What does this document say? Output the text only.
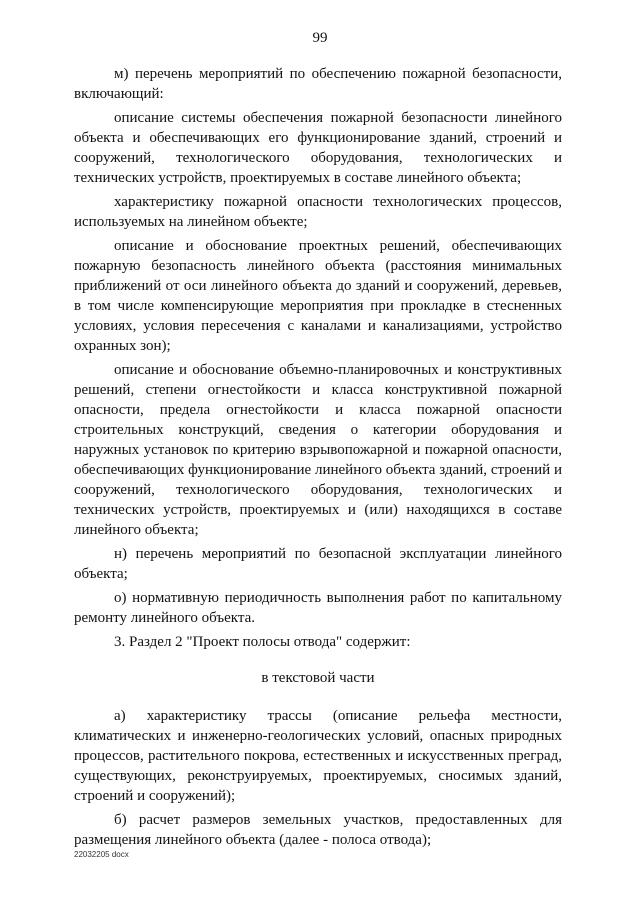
99

м) перечень мероприятий по обеспечению пожарной безопасности, включающий:

описание системы обеспечения пожарной безопасности линейного объекта и обеспечивающих его функционирование зданий, строений и сооружений, технологического оборудования, технологических и технических устройств, проектируемых в составе линейного объекта;

характеристику пожарной опасности технологических процессов, используемых на линейном объекте;

описание и обоснование проектных решений, обеспечивающих пожарную безопасность линейного объекта (расстояния минимальных приближений от оси линейного объекта до зданий и сооружений, деревьев, в том числе компенсирующие мероприятия при прокладке в стесненных условиях, условия пересечения с каналами и канализациями, устройство охранных зон);

описание и обоснование объемно-планировочных и конструктивных решений, степени огнестойкости и класса конструктивной пожарной опасности, предела огнестойкости и класса пожарной опасности строительных конструкций, сведения о категории оборудования и наружных установок по критерию взрывопожарной и пожарной опасности, обеспечивающих функционирование линейного объекта зданий, строений и сооружений, технологического оборудования, технологических и технических устройств, проектируемых и (или) находящихся в составе линейного объекта;

н) перечень мероприятий по безопасной эксплуатации линейного объекта;

о) нормативную периодичность выполнения работ по капитальному ремонту линейного объекта.

3. Раздел 2 "Проект полосы отвода" содержит:

в текстовой части

а) характеристику трассы (описание рельефа местности, климатических и инженерно-геологических условий, опасных природных процессов, растительного покрова, естественных и искусственных преград, существующих, реконструируемых, проектируемых, сносимых зданий, строений и сооружений);

б) расчет размеров земельных участков, предоставленных для размещения линейного объекта (далее - полоса отвода);

22032205 docx
